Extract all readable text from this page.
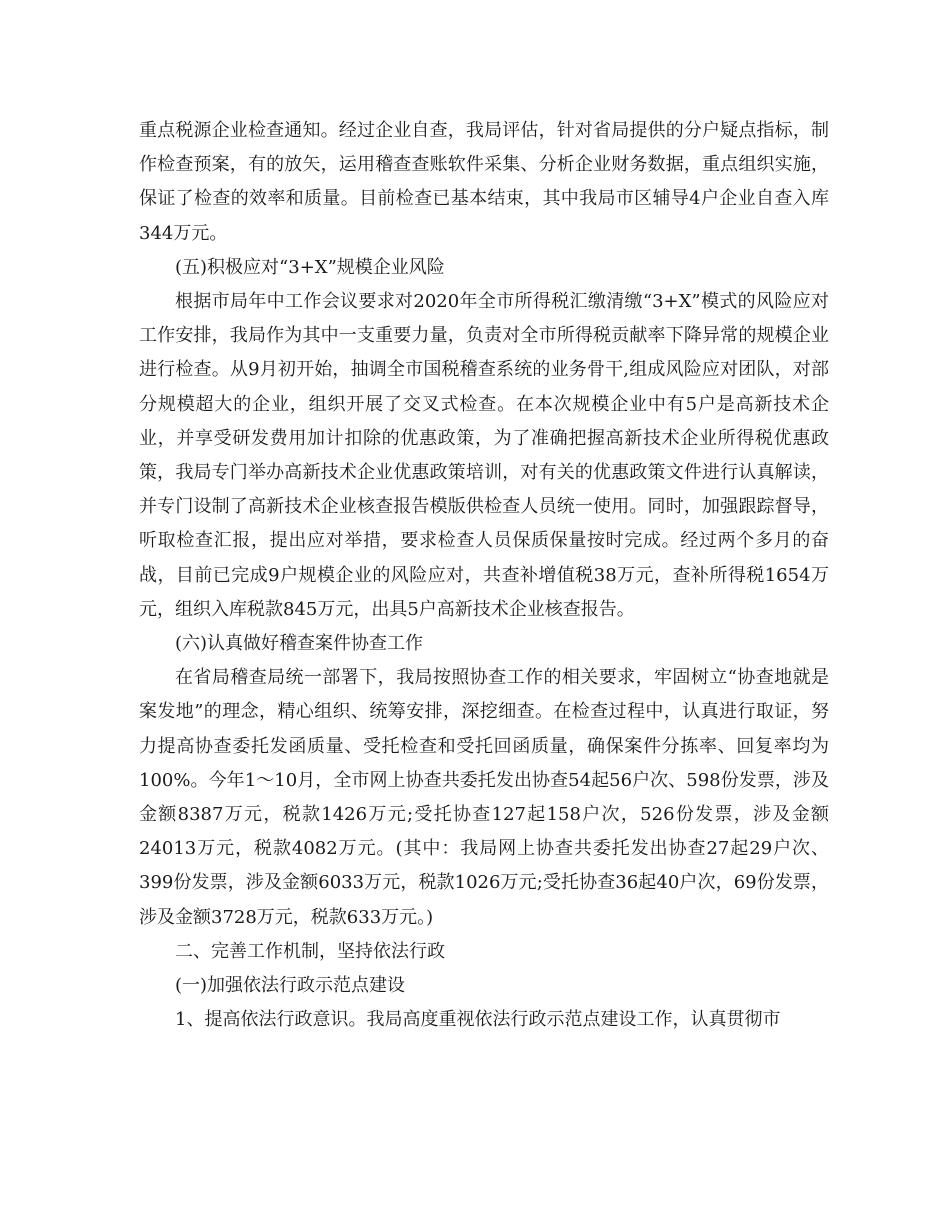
重点税源企业检查通知。经过企业自查，我局评估，针对省局提供的分户疑点指标，制作检查预案，有的放矢，运用稽查查账软件采集、分析企业财务数据，重点组织实施，保证了检查的效率和质量。目前检查已基本结束，其中我局市区辅导4户企业自查入库344万元。

(五)积极应对“3+X”规模企业风险

根据市局年中工作会议要求对2020年全市所得税汇缴清缴“3+X”模式的风险应对工作安排，我局作为其中一支重要力量，负责对全市所得税贡献率下降异常的规模企业进行检查。从9月初开始，抽调全市国税稽查系统的业务骨干,组成风险应对团队，对部分规模超大的企业，组织开展了交叉式检查。在本次规模企业中有5户是高新技术企业，并享受研发费用加计扣除的优惠政策，为了准确把握高新技术企业所得税优惠政策，我局专门举办高新技术企业优惠政策培训，对有关的优惠政策文件进行认真解读，并专门设制了高新技术企业核查报告模版供检查人员统一使用。同时，加强跟踪督导，听取检查汇报，提出应对举措，要求检查人员保质保量按时完成。经过两个多月的奋战，目前已完成9户规模企业的风险应对，共查补增值税38万元，查补所得税1654万元，组织入库税款845万元，出具5户高新技术企业核查报告。

(六)认真做好稽查案件协查工作

在省局稽查局统一部署下，我局按照协查工作的相关要求，牢固树立“协查地就是案发地”的理念，精心组织、统筹安排，深挖细查。在检查过程中，认真进行取证，努力提高协查委托发函质量、受托检查和受托回函质量，确保案件分拣率、回复率均为100%。今年1～10月，全市网上协查共委托发出协查54起56户次、598份发票，涉及金额8387万元，税款1426万元;受托协查127起158户次，526份发票，涉及金额24013万元，税款4082万元。(其中：我局网上协查共委托发出协查27起29户次、399份发票，涉及金额6033万元，税款1026万元;受托协查36起40户次，69份发票，涉及金额3728万元，税款633万元。)

二、完善工作机制，坚持依法行政

(一)加强依法行政示范点建设

1、提高依法行政意识。我局高度重视依法行政示范点建设工作，认真贯彻市
